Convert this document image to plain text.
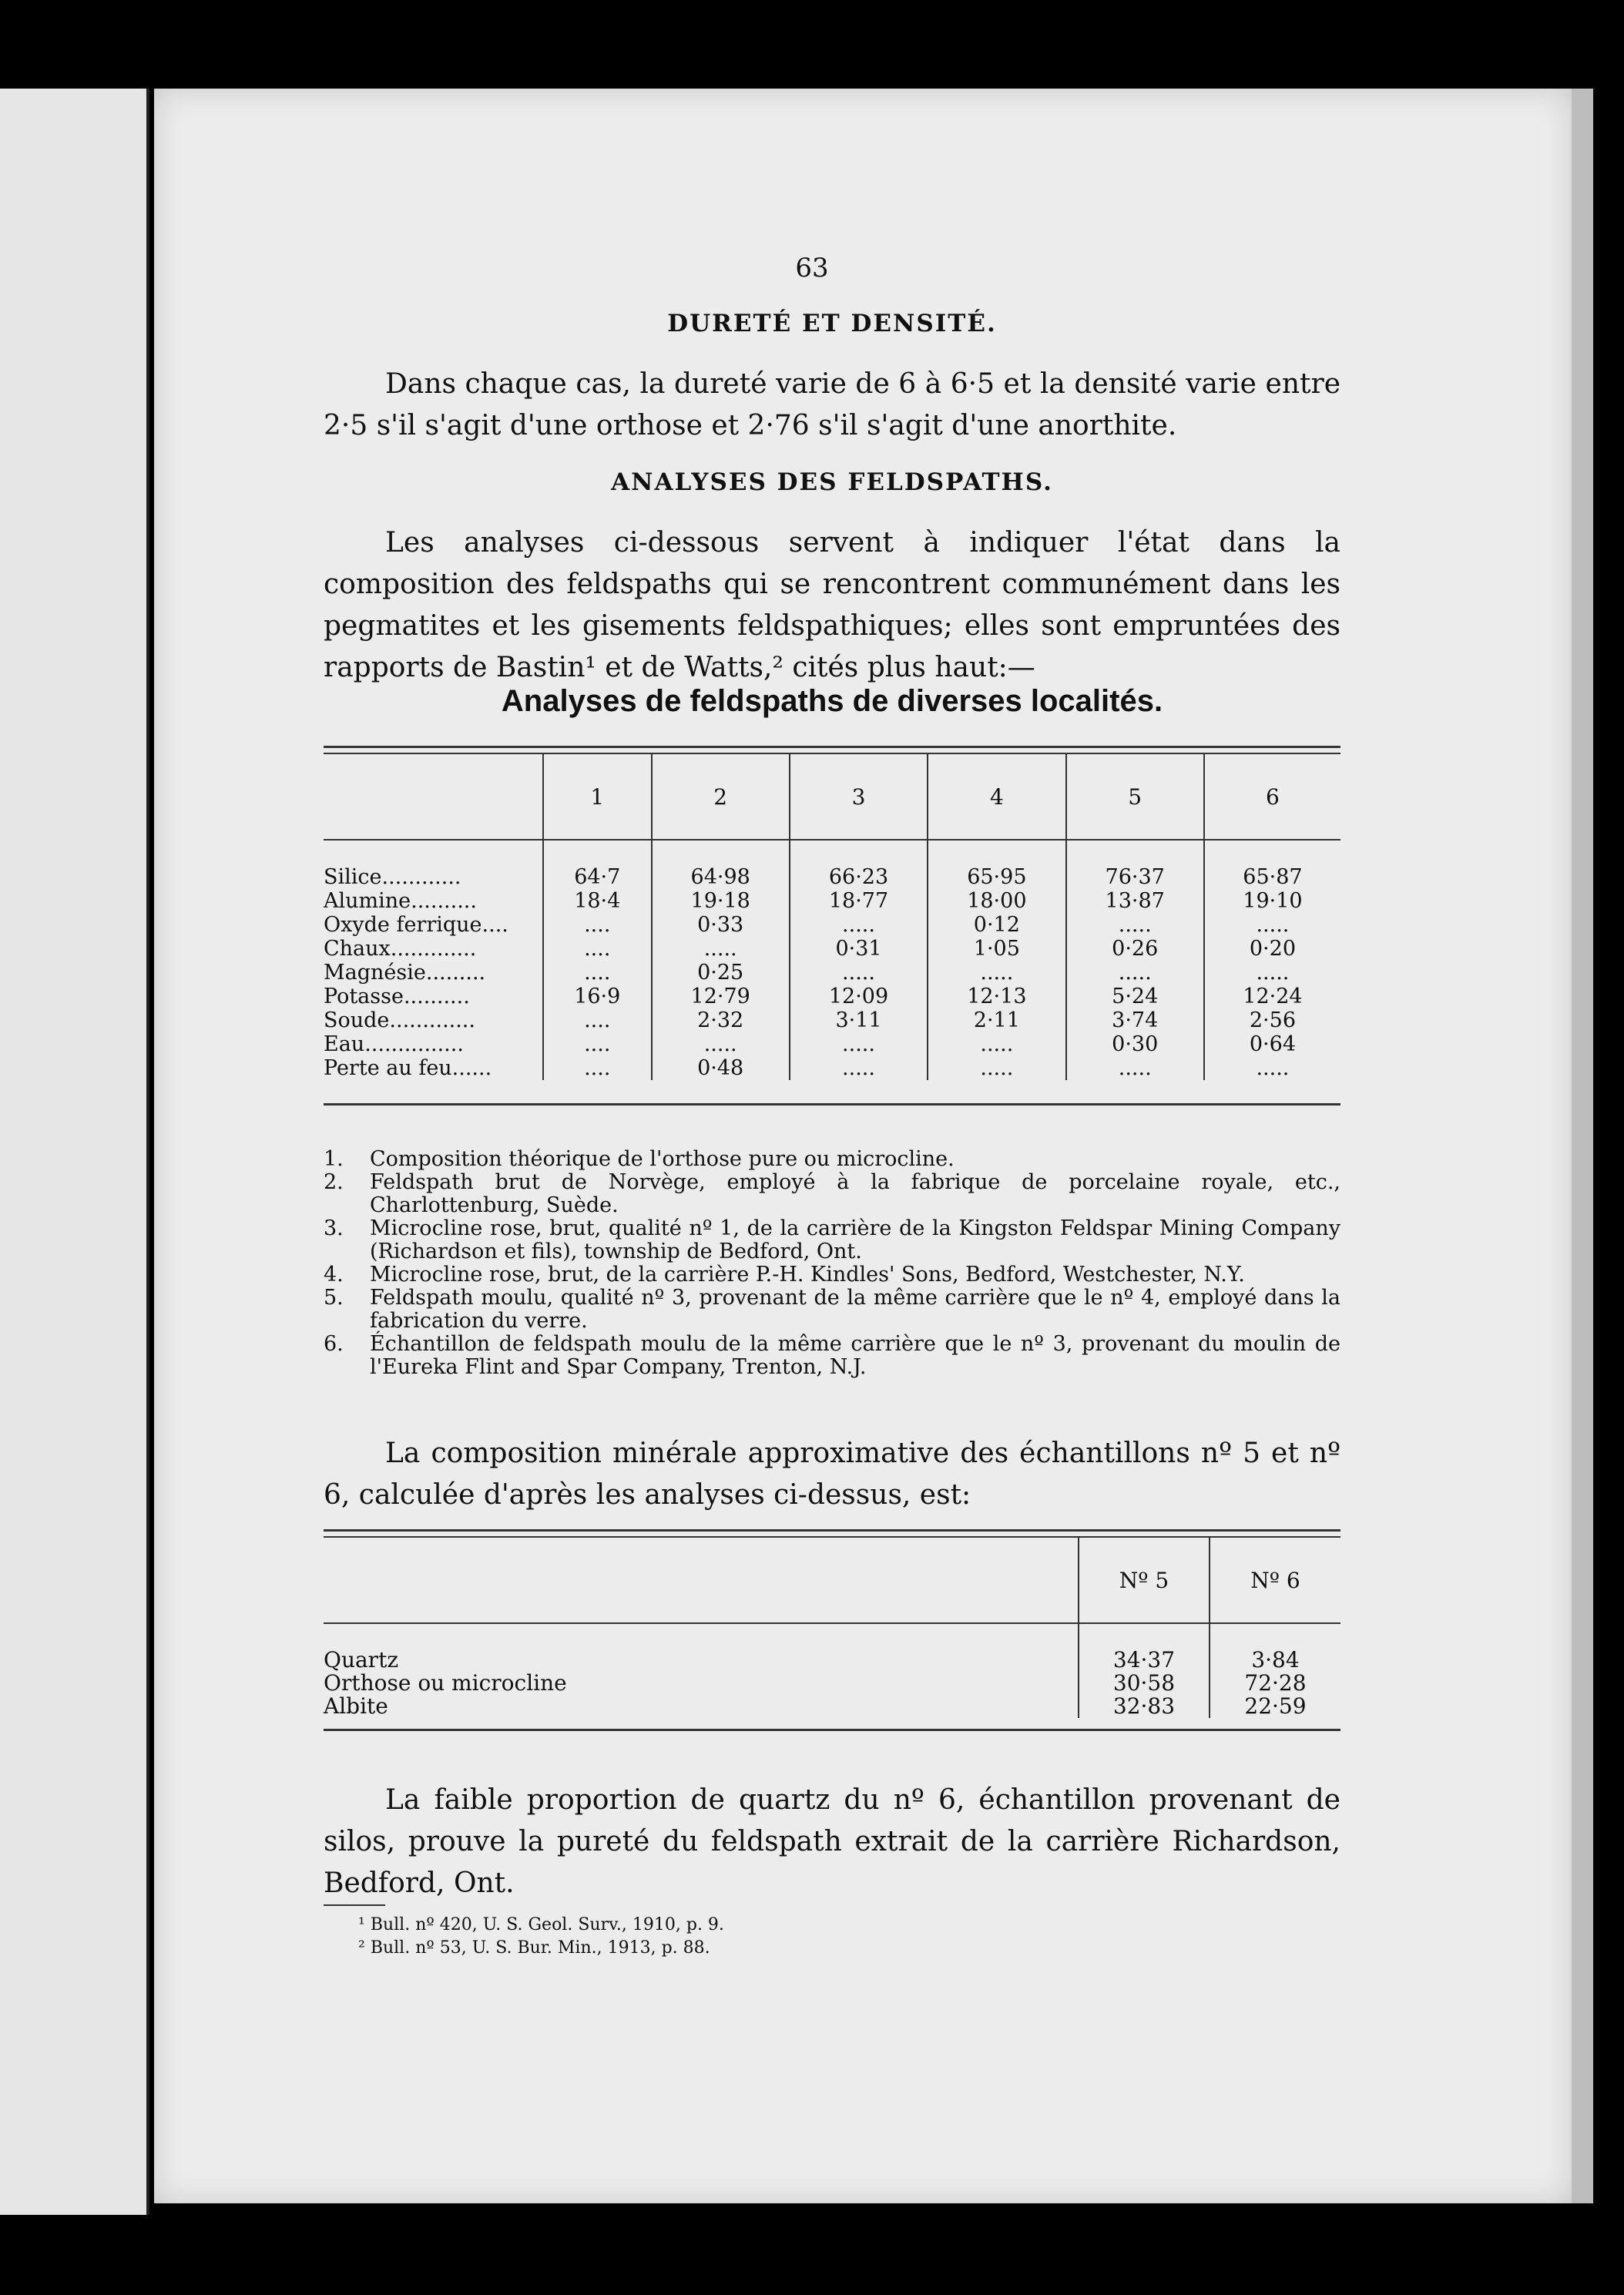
63
DURETÉ ET DENSITÉ.
Dans chaque cas, la dureté varie de 6 à 6·5 et la densité varie entre 2·5 s'il s'agit d'une orthose et 2·76 s'il s'agit d'une anorthite.
ANALYSES DES FELDSPATHS.
Les analyses ci-dessous servent à indiquer l'état dans la composition des feldspaths qui se rencontrent communément dans les pegmatites et les gisements feldspathiques; elles sont empruntées des rapports de Bastin¹ et de Watts,² cités plus haut:—
Analyses de feldspaths de diverses localités.
	1	2	3	4	5	6
Silice............	64·7	64·98	66·23	65·95	76·37	65·87
Alumine..........	18·4	19·18	18·77	18·00	13·87	19·10
Oxyde ferrique....	....	0·33	.....	0·12	.....	.....
Chaux.............	....	.....	0·31	1·05	0·26	0·20
Magnésie.........	....	0·25	.....	.....	.....	.....
Potasse..........	16·9	12·79	12·09	12·13	5·24	12·24
Soude.............	....	2·32	3·11	2·11	3·74	2·56
Eau...............	....	.....	.....	.....	0·30	0·64
Perte au feu......	....	0·48	.....	.....	.....	.....
1.	Composition théorique de l'orthose pure ou microcline.
2.	Feldspath brut de Norvège, employé à la fabrique de porcelaine royale, etc., Charlottenburg, Suède.
3.	Microcline rose, brut, qualité nº 1, de la carrière de la Kingston Feldspar Mining Company (Richardson et fils), township de Bedford, Ont.
4.	Microcline rose, brut, de la carrière P.-H. Kindles' Sons, Bedford, Westchester, N.Y.
5.	Feldspath moulu, qualité nº 3, provenant de la même carrière que le nº 4, employé dans la fabrication du verre.
6.	Échantillon de feldspath moulu de la même carrière que le nº 3, provenant du moulin de l'Eureka Flint and Spar Company, Trenton, N.J.
La composition minérale approximative des échantillons nº 5 et nº 6, calculée d'après les analyses ci-dessus, est:
	Nº 5	Nº 6
Quartz	34·37	3·84
Orthose ou microcline	30·58	72·28
Albite	32·83	22·59
La faible proportion de quartz du nº 6, échantillon provenant de silos, prouve la pureté du feldspath extrait de la carrière Richardson, Bedford, Ont.
¹ Bull. nº 420, U. S. Geol. Surv., 1910, p. 9.
² Bull. nº 53, U. S. Bur. Min., 1913, p. 88.
